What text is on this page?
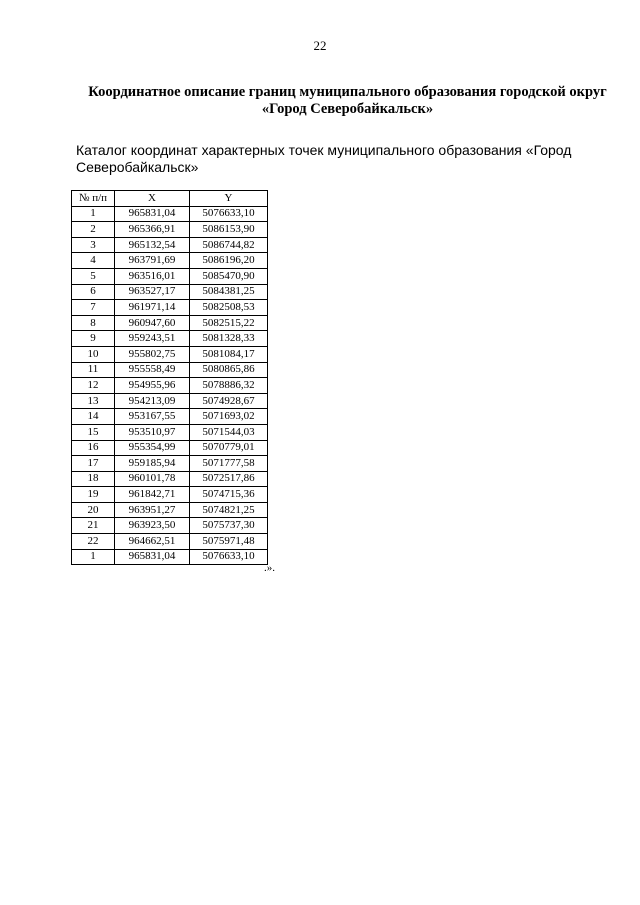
22
Координатное описание границ муниципального образования городской округ «Город Северобайкальск»
Каталог координат характерных точек муниципального образования «Город Северобайкальск»
№ п/п	X	Y
1	965831,04	5076633,10
2	965366,91	5086153,90
3	965132,54	5086744,82
4	963791,69	5086196,20
5	963516,01	5085470,90
6	963527,17	5084381,25
7	961971,14	5082508,53
8	960947,60	5082515,22
9	959243,51	5081328,33
10	955802,75	5081084,17
11	955558,49	5080865,86
12	954955,96	5078886,32
13	954213,09	5074928,67
14	953167,55	5071693,02
15	953510,97	5071544,03
16	955354,99	5070779,01
17	959185,94	5071777,58
18	960101,78	5072517,86
19	961842,71	5074715,36
20	963951,27	5074821,25
21	963923,50	5075737,30
22	964662,51	5075971,48
1	965831,04	5076633,10
.».
